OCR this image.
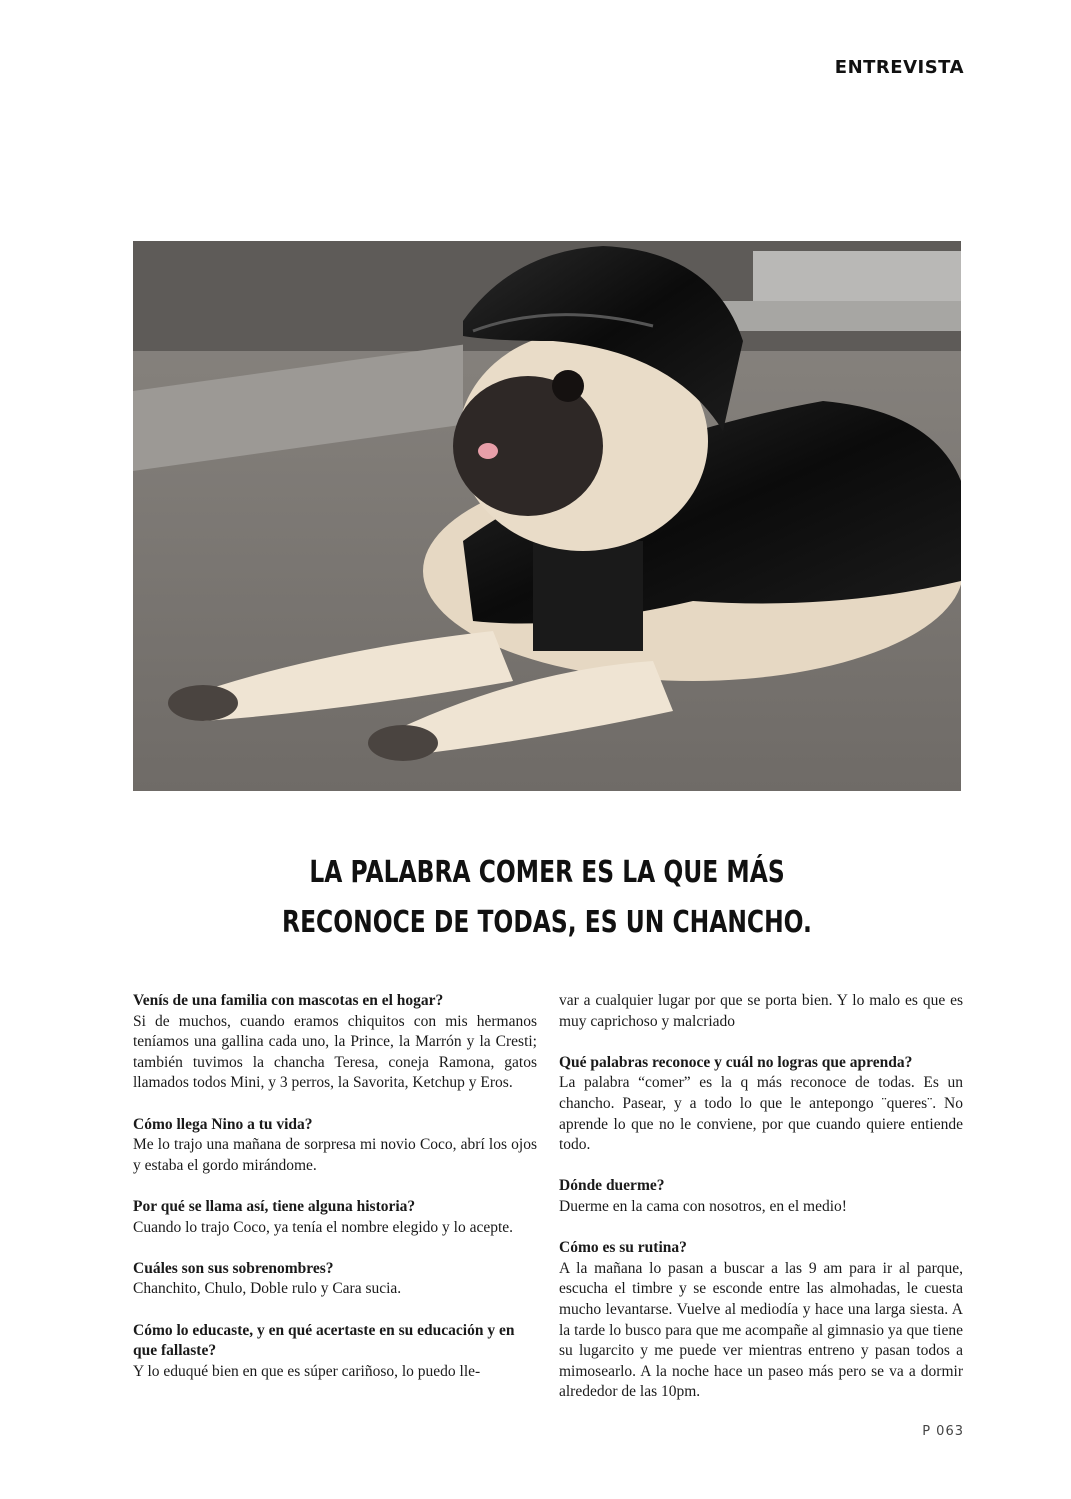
ENTREVISTA
LA PALABRA COMER ES LA QUE MÁS
RECONOCE DE TODAS, ES UN CHANCHO.
Venís de una familia con mascotas en el hogar?
Si de muchos, cuando eramos chiquitos con mis hermanos teníamos una gallina cada uno, la Prince, la Marrón y la Cresti; también tuvimos la chancha Teresa, coneja Ramona, gatos llamados todos Mini, y 3 perros, la Savorita, Ketchup y Eros.
Cómo llega Nino a tu vida?
Me lo trajo una mañana de sorpresa mi novio Coco, abrí los ojos y estaba el gordo mirándome.
Por qué se llama así, tiene alguna historia?
Cuando lo trajo Coco, ya tenía el nombre elegido y lo acepte.
Cuáles son sus sobrenombres?
Chanchito, Chulo, Doble rulo y Cara sucia.
Cómo lo educaste, y en qué acertaste en su educación y en que fallaste?
Y lo eduqué bien en que es súper cariñoso, lo puedo lle-
var a cualquier lugar por que se porta bien. Y lo malo es que es muy caprichoso y malcriado
Qué palabras reconoce y cuál no logras que aprenda?
La palabra “comer” es la q más reconoce de todas. Es un chancho. Pasear, y a todo lo que le antepongo ¨queres¨. No aprende lo que no le conviene, por que cuando quiere entiende todo.
Dónde duerme?
Duerme en la cama con nosotros, en el medio!
Cómo es su rutina?
A la mañana lo pasan a buscar a las 9 am para ir al parque, escucha el timbre y se esconde entre las almohadas, le cuesta mucho levantarse. Vuelve al mediodía y hace una larga siesta. A la tarde lo busco para que me acompañe al gimnasio ya que tiene su lugarcito y me puede ver mientras entreno y pasan todos a mimosearlo. A la noche hace un paseo más pero se va a dormir alrededor de las 10pm.
P 063
